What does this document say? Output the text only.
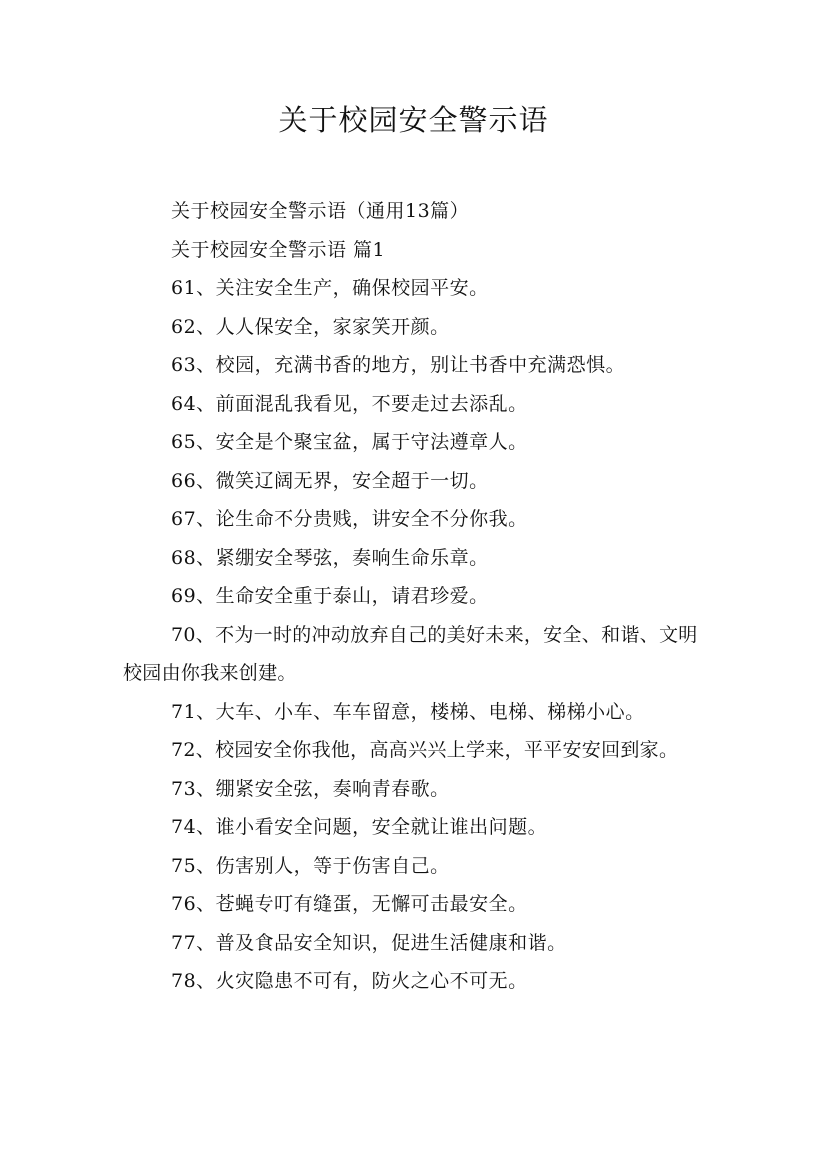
关于校园安全警示语

关于校园安全警示语（通用13篇）

关于校园安全警示语 篇1

61、关注安全生产，确保校园平安。

62、人人保安全，家家笑开颜。

63、校园，充满书香的地方，别让书香中充满恐惧。

64、前面混乱我看见，不要走过去添乱。

65、安全是个聚宝盆，属于守法遵章人。

66、微笑辽阔无界，安全超于一切。

67、论生命不分贵贱，讲安全不分你我。

68、紧绷安全琴弦，奏响生命乐章。

69、生命安全重于泰山，请君珍爱。

70、不为一时的冲动放弃自己的美好未来，安全、和谐、文明校园由你我来创建。

71、大车、小车、车车留意，楼梯、电梯、梯梯小心。

72、校园安全你我他，高高兴兴上学来，平平安安回到家。

73、绷紧安全弦，奏响青春歌。

74、谁小看安全问题，安全就让谁出问题。

75、伤害别人，等于伤害自己。

76、苍蝇专叮有缝蛋，无懈可击最安全。

77、普及食品安全知识，促进生活健康和谐。

78、火灾隐患不可有，防火之心不可无。
